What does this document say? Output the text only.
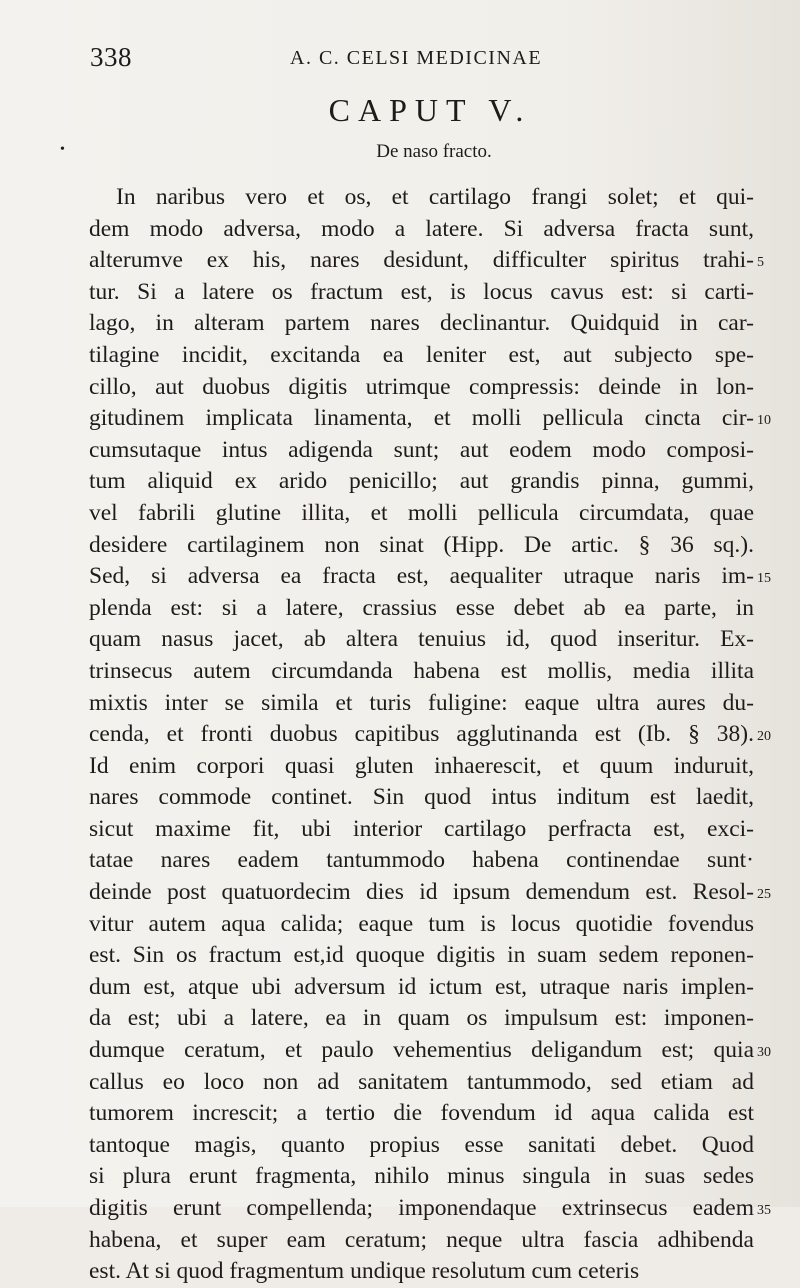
338	A. C. CELSI MEDICINAE
•
CAPUT V.
De naso fracto.
In naribus vero et os, et cartilago frangi solet; et qui-
dem modo adversa, modo a latere. Si adversa fracta sunt,
alterumve ex his, nares desidunt, difficulter spiritus trahi- 5
tur. Si a latere os fractum est, is locus cavus est: si carti-
lago, in alteram partem nares declinantur. Quidquid in car-
tilagine incidit, excitanda ea leniter est, aut subjecto spe-
cillo, aut duobus digitis utrimque compressis: deinde in lon-
gitudinem implicata linamenta, et molli pellicula cincta cir- 10
cumsutaque intus adigenda sunt; aut eodem modo composi-
tum aliquid ex arido penicillo; aut grandis pinna, gummi,
vel fabrili glutine illita, et molli pellicula circumdata, quae
desidere cartilaginem non sinat (Hipp. De artic. § 36 sq.).
Sed, si adversa ea fracta est, aequaliter utraque naris im- 15
plenda est: si a latere, crassius esse debet ab ea parte, in
quam nasus jacet, ab altera tenuius id, quod inseritur. Ex-
trinsecus autem circumdanda habena est mollis, media illita
mixtis inter se simila et turis fuligine: eaque ultra aures du-
cenda, et fronti duobus capitibus agglutinanda est (Ib. § 38). 20
Id enim corpori quasi gluten inhaerescit, et quum induruit,
nares commode continet. Sin quod intus inditum est laedit,
sicut maxime fit, ubi interior cartilago perfracta est, exci-
tatae nares eadem tantummodo habena continendae sunt·
deinde post quatuordecim dies id ipsum demendum est. Resol- 25
vitur autem aqua calida; eaque tum is locus quotidie fovendus
est. Sin os fractum est,id quoque digitis in suam sedem reponen-
dum est, atque ubi adversum id ictum est, utraque naris implen-
da est; ubi a latere, ea in quam os impulsum est: imponen-
dumque ceratum, et paulo vehementius deligandum est; quia 30
callus eo loco non ad sanitatem tantummodo, sed etiam ad
tumorem increscit; a tertio die fovendum id aqua calida est
tantoque magis, quanto propius esse sanitati debet. Quod
si plura erunt fragmenta, nihilo minus singula in suas sedes
digitis erunt compellenda; imponendaque extrinsecus eadem 35
habena, et super eam ceratum; neque ultra fascia adhibenda
est. At si quod fragmentum undique resolutum cum ceteris
